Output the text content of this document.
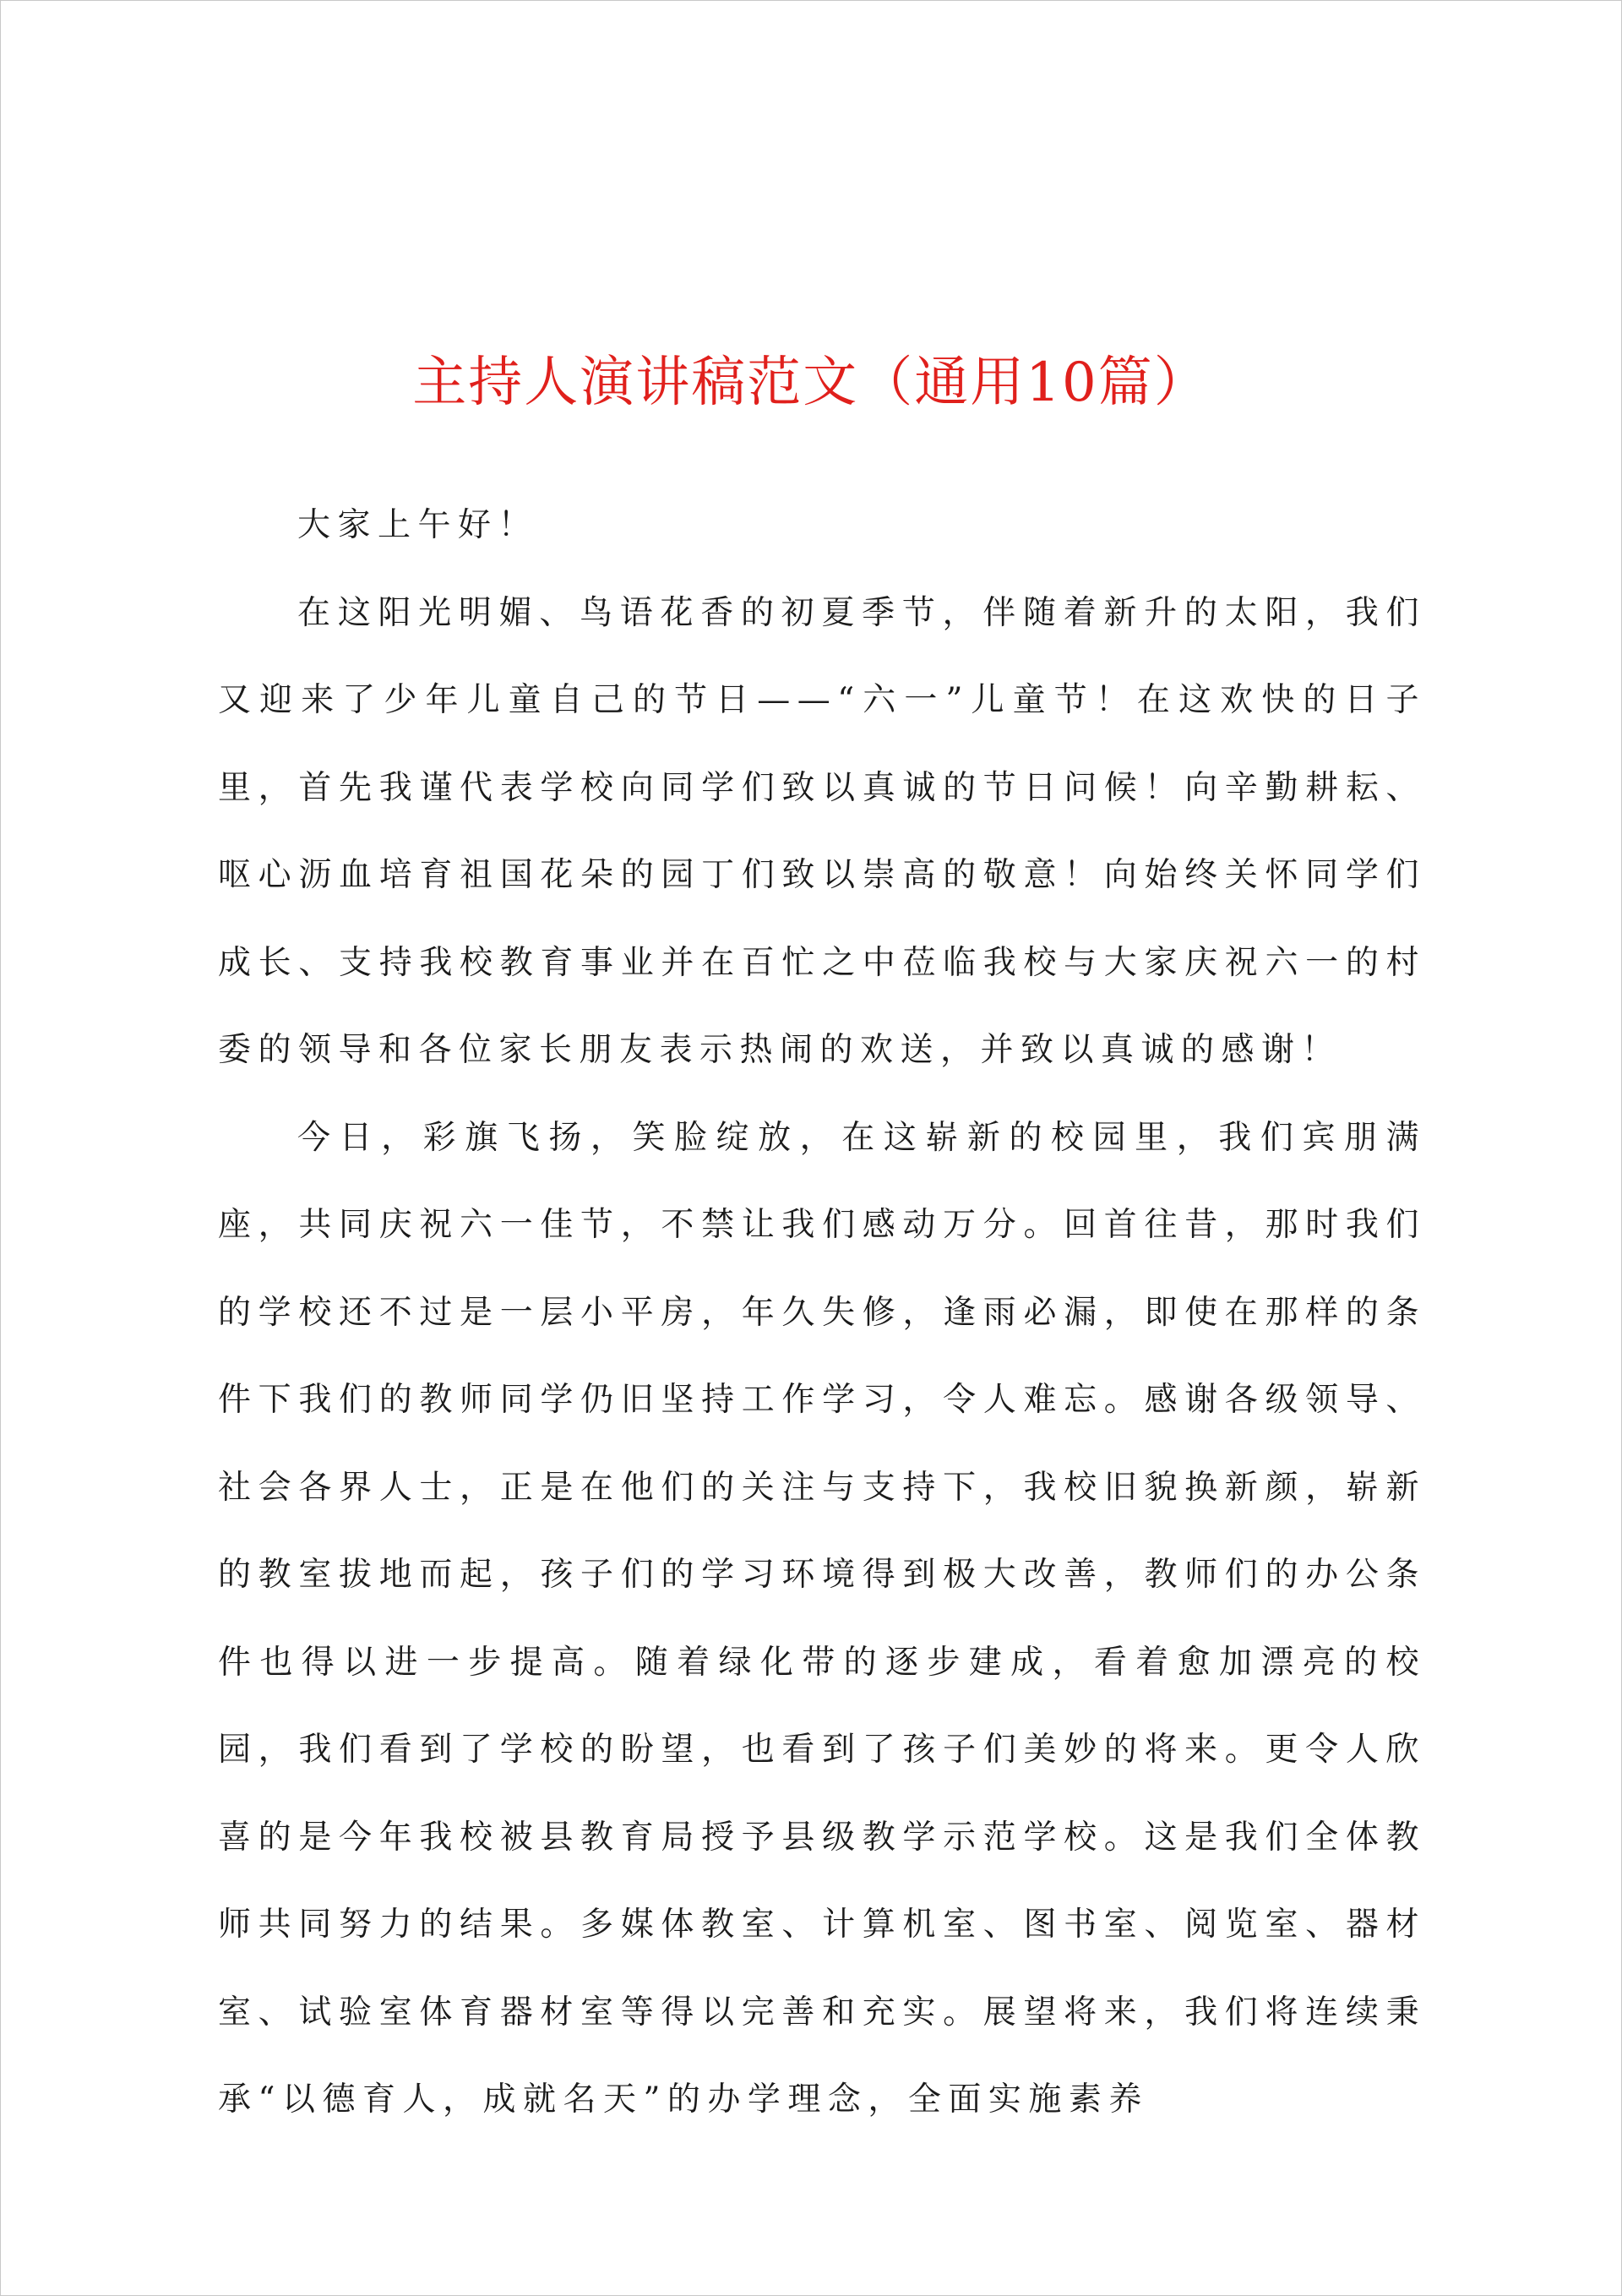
主持人演讲稿范文（通用10篇）

大家上午好！

在这阳光明媚、鸟语花香的初夏季节，伴随着新升的太阳，我们又迎来了少年儿童自己的节日——“六一”儿童节！在这欢快的日子里，首先我谨代表学校向同学们致以真诚的节日问候！向辛勤耕耘、呕心沥血培育祖国花朵的园丁们致以崇高的敬意！向始终关怀同学们成长、支持我校教育事业并在百忙之中莅临我校与大家庆祝六一的村委的领导和各位家长朋友表示热闹的欢送，并致以真诚的感谢！

今日，彩旗飞扬，笑脸绽放，在这崭新的校园里，我们宾朋满座，共同庆祝六一佳节，不禁让我们感动万分。回首往昔，那时我们的学校还不过是一层小平房，年久失修，逢雨必漏，即使在那样的条件下我们的教师同学仍旧坚持工作学习，令人难忘。感谢各级领导、社会各界人士，正是在他们的关注与支持下，我校旧貌换新颜，崭新的教室拔地而起，孩子们的学习环境得到极大改善，教师们的办公条件也得以进一步提高。随着绿化带的逐步建成，看着愈加漂亮的校园，我们看到了学校的盼望，也看到了孩子们美妙的将来。更令人欣喜的是今年我校被县教育局授予县级教学示范学校。这是我们全体教师共同努力的结果。多媒体教室、计算机室、图书室、阅览室、器材室、试验室体育器材室等得以完善和充实。展望将来，我们将连续秉承“以德育人，成就名天”的办学理念，全面实施素养
